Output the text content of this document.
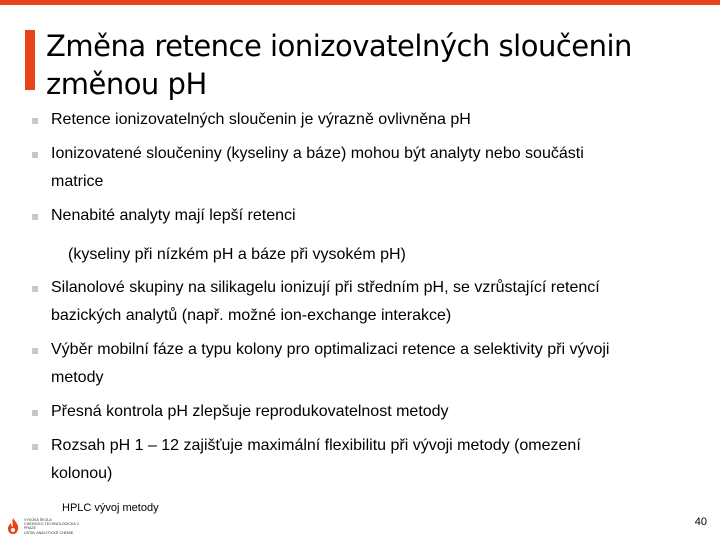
Změna retence ionizovatelných sloučenin
změnou pH
Retence ionizovatelných sloučenin je výrazně ovlivněna pH
Ionizovatené sloučeniny (kyseliny a báze) mohou být analyty nebo součásti
matrice
Nenabité analyty mají lepší retenci
Silanolové skupiny na silikagelu ionizují při středním pH, se vzrůstající retencí
bazických analytů (např. možné ion-exchange interakce)
Výběr mobilní fáze a typu kolony pro optimalizaci retence a selektivity při vývoji
metody
Přesná kontrola pH zlepšuje reprodukovatelnost metody
Rozsah pH 1 – 12 zajišťuje maximální flexibilitu při vývoji metody (omezení
kolonou)
(kyseliny při nízkém pH a báze při vysokém pH)
VYSOKÁ ŠKOLA
CHEMICKO-TECHNOLOGICKÁ V PRAZE
ÚSTAV ANALYTICKÉ CHEMIE
HPLC vývoj metody
40
